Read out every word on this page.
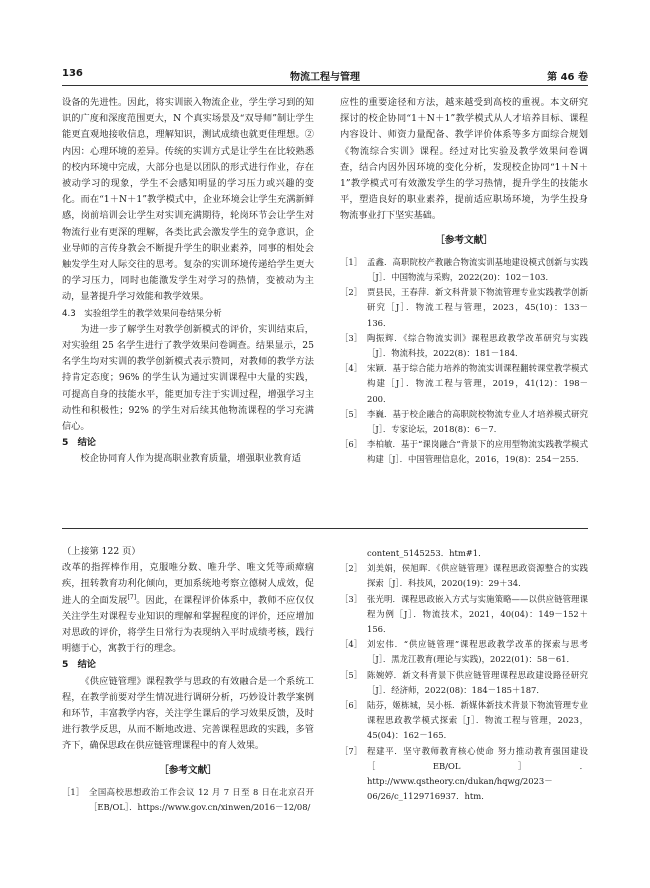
136	物流工程与管理	第 46 卷

设备的先进性。因此，将实训嵌入物流企业，学生学习到的知识的广度和深度范围更大，N 个真实场景及“双导师”制让学生能更直观地接收信息，理解知识，测试成绩也就更佳理想。②内因：心理环境的差异。传统的实训方式是让学生在比较熟悉的校内环境中完成，大部分也是以团队的形式进行作业，存在被动学习的现象，学生不会感知明显的学习压力或兴趣的变化。而在“1＋N＋1”教学模式中，企业环境会让学生充满新鲜感，岗前培训会让学生对实训充满期待，轮岗环节会让学生对物流行业有更深的理解，各类比武会激发学生的竞争意识，企业导师的言传身教会不断提升学生的职业素养，同事的相处会触发学生对人际交往的思考。复杂的实训环境传递给学生更大的学习压力，同时也能激发学生对学习的热情，变被动为主动，显著提升学习效能和教学效果。

4.3　实验组学生的教学效果问卷结果分析

为进一步了解学生对教学创新模式的评价，实训结束后，对实验组 25 名学生进行了教学效果问卷调查。结果显示，25 名学生均对实训的教学创新模式表示赞同，对教师的教学方法持肯定态度；96% 的学生认为通过实训课程中大量的实践，可提高自身的技能水平，能更加专注于实训过程，增强学习主动性和积极性；92% 的学生对后续其他物流课程的学习充满信心。

5　结论

校企协同育人作为提高职业教育质量，增强职业教育适

应性的重要途径和方法，越来越受到高校的重视。本文研究探讨的校企协同“1＋N＋1”教学模式从人才培养目标、课程内容设计、师资力量配备、教学评价体系等多方面综合规划《物流综合实训》课程。经过对比实验及教学效果问卷调查，结合内因外因环境的变化分析，发现校企协同“1＋N＋1”教学模式可有效激发学生的学习热情，提升学生的技能水平，塑造良好的职业素养，提前适应职场环境，为学生投身物流事业打下坚实基础。

［参考文献］
［1］ 孟鑫．高职院校产教融合物流实训基地建设模式创新与实践［J］．中国物流与采购，2022(20)：102－103．
［2］ 贾县民，王春萍．新文科背景下物流管理专业实践教学创新研究［J］．物流工程与管理，2023，45(10)：133－136．
［3］ 陶振辉．《综合物流实训》课程思政教学改革研究与实践［J］．物流科技，2022(8)：181－184．
［4］ 宋颖．基于综合能力培养的物流实训课程翻转课堂教学模式构建［J］．物流工程与管理，2019，41(12)：198－200．
［5］ 李巍．基于校企融合的高职院校物流专业人才培养模式研究［J］．专家论坛，2018(8)：6－7．
［6］ 李柏敏．基于“课岗融合”背景下的应用型物流实践教学模式构建［J］．中国管理信息化，2016，19(8)：254－255．

（上接第 122 页）

改革的指挥棒作用，克服唯分数、唯升学、唯文凭等顽瘴痼疾，扭转教育功利化倾向，更加系统地考察立德树人成效，促进人的全面发展[7]。因此，在课程评价体系中，教师不应仅仅关注学生对课程专业知识的理解和掌握程度的评价，还应增加对思政的评价，将学生日常行为表现纳入平时成绩考核，践行明德于心，寓教于行的理念。

5　结论

《供应链管理》课程教学与思政的有效融合是一个系统工程，在教学前要对学生情况进行调研分析，巧妙设计教学案例和环节，丰富教学内容，关注学生课后的学习效果反馈，及时进行教学反思，从而不断地改进、完善课程思政的实践，多管齐下，确保思政在供应链管理课程中的育人效果。

［参考文献］
［1］ 全国高校思想政治工作会议 12 月 7 日至 8 日在北京召开［EB/OL］．https://www.gov.cn/xinwen/2016－12/08/
content_5145253．htm#1．
［2］ 刘美娟，侯旭晖．《供应链管理》课程思政资源整合的实践探索［J］．科技风，2020(19)：29＋34．
［3］ 张光明．课程思政嵌入方式与实施策略——以供应链管理课程为例［J］．物流技术，2021，40(04)：149－152＋156．
［4］ 刘宏伟．“供应链管理”课程思政教学改革的探索与思考［J］．黑龙江教育(理论与实践)，2022(01)：58－61．
［5］ 陈婉婷．新文科背景下供应链管理课程思政建设路径研究［J］．经济师，2022(08)：184－185＋187．
［6］ 陆芬，姬栋城，吴小栎．新媒体新技术背景下物流管理专业课程思政教学模式探索［J］．物流工程与管理，2023，45(04)：162－165．
［7］ 程建平．坚守教师教育核心使命 努力推动教育强国建设［EB/OL］．http://www.qstheory.cn/dukan/hqwg/2023－06/26/c_1129716937．htm．
